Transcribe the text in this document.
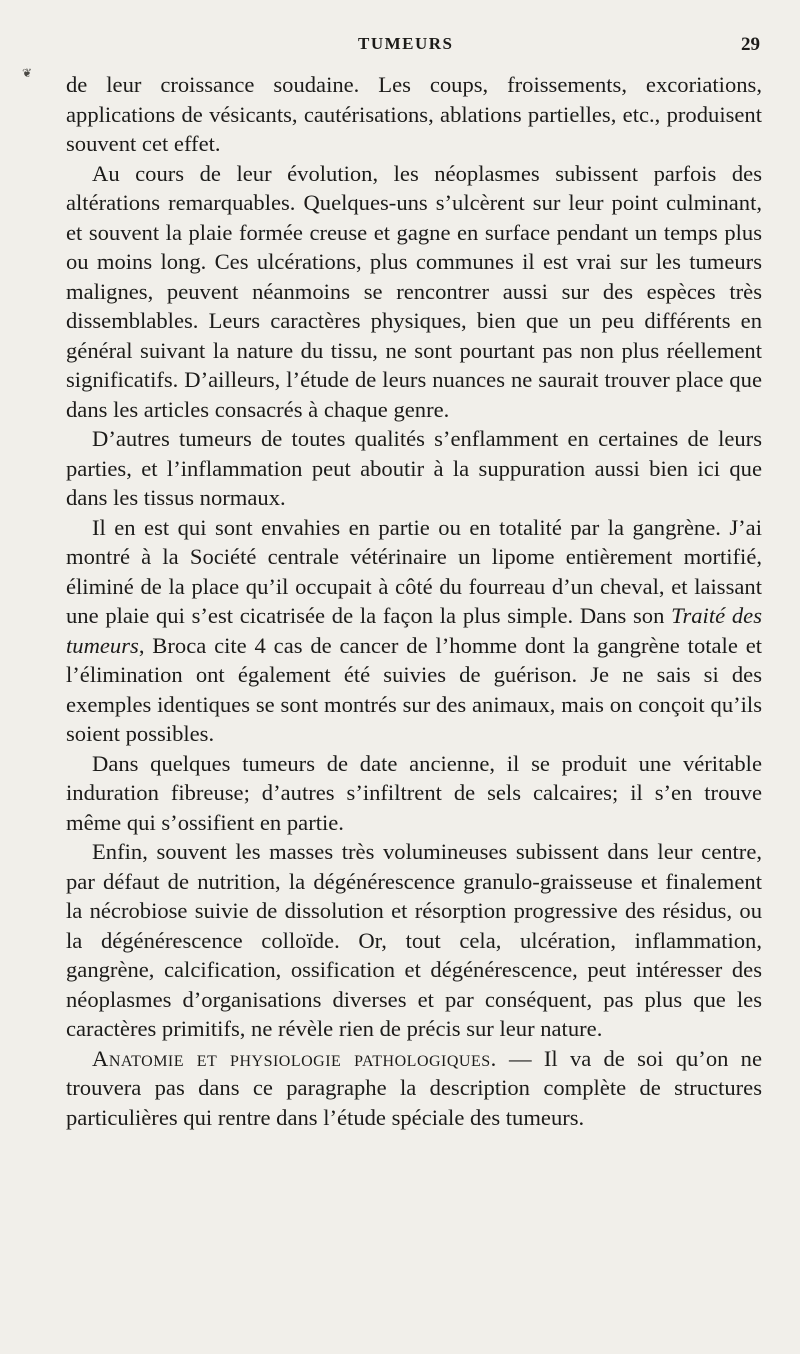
TUMEURS	29
❦ de leur croissance soudaine. Les coups, froissements, excoriations, applications de vésicants, cautérisations, ablations partielles, etc., produisent souvent cet effet.

Au cours de leur évolution, les néoplasmes subissent parfois des altérations remarquables. Quelques-uns s’ulcèrent sur leur point culminant, et souvent la plaie formée creuse et gagne en surface pendant un temps plus ou moins long. Ces ulcérations, plus communes il est vrai sur les tumeurs malignes, peuvent néanmoins se rencontrer aussi sur des espèces très dissemblables. Leurs caractères physiques, bien que un peu différents en général suivant la nature du tissu, ne sont pourtant pas non plus réellement significatifs. D’ailleurs, l’étude de leurs nuances ne saurait trouver place que dans les articles consacrés à chaque genre.

D’autres tumeurs de toutes qualités s’enflamment en certaines de leurs parties, et l’inflammation peut aboutir à la suppuration aussi bien ici que dans les tissus normaux.

Il en est qui sont envahies en partie ou en totalité par la gangrène. J’ai montré à la Société centrale vétérinaire un lipome entièrement mortifié, éliminé de la place qu’il occupait à côté du fourreau d’un cheval, et laissant une plaie qui s’est cicatrisée de la façon la plus simple. Dans son Traité des tumeurs, Broca cite 4 cas de cancer de l’homme dont la gangrène totale et l’élimination ont également été suivies de guérison. Je ne sais si des exemples identiques se sont montrés sur des animaux, mais on conçoit qu’ils soient possibles.

Dans quelques tumeurs de date ancienne, il se produit une véritable induration fibreuse; d’autres s’infiltrent de sels calcaires; il s’en trouve même qui s’ossifient en partie.

Enfin, souvent les masses très volumineuses subissent dans leur centre, par défaut de nutrition, la dégénérescence granulo-graisseuse et finalement la nécrobiose suivie de dissolution et résorption progressive des résidus, ou la dégénérescence colloïde. Or, tout cela, ulcération, inflammation, gangrène, calcification, ossification et dégénérescence, peut intéresser des néoplasmes d’organisations diverses et par conséquent, pas plus que les caractères primitifs, ne révèle rien de précis sur leur nature.

Anatomie et physiologie pathologiques. — Il va de soi qu’on ne trouvera pas dans ce paragraphe la description complète de structures particulières qui rentre dans l’étude spéciale des tumeurs.
